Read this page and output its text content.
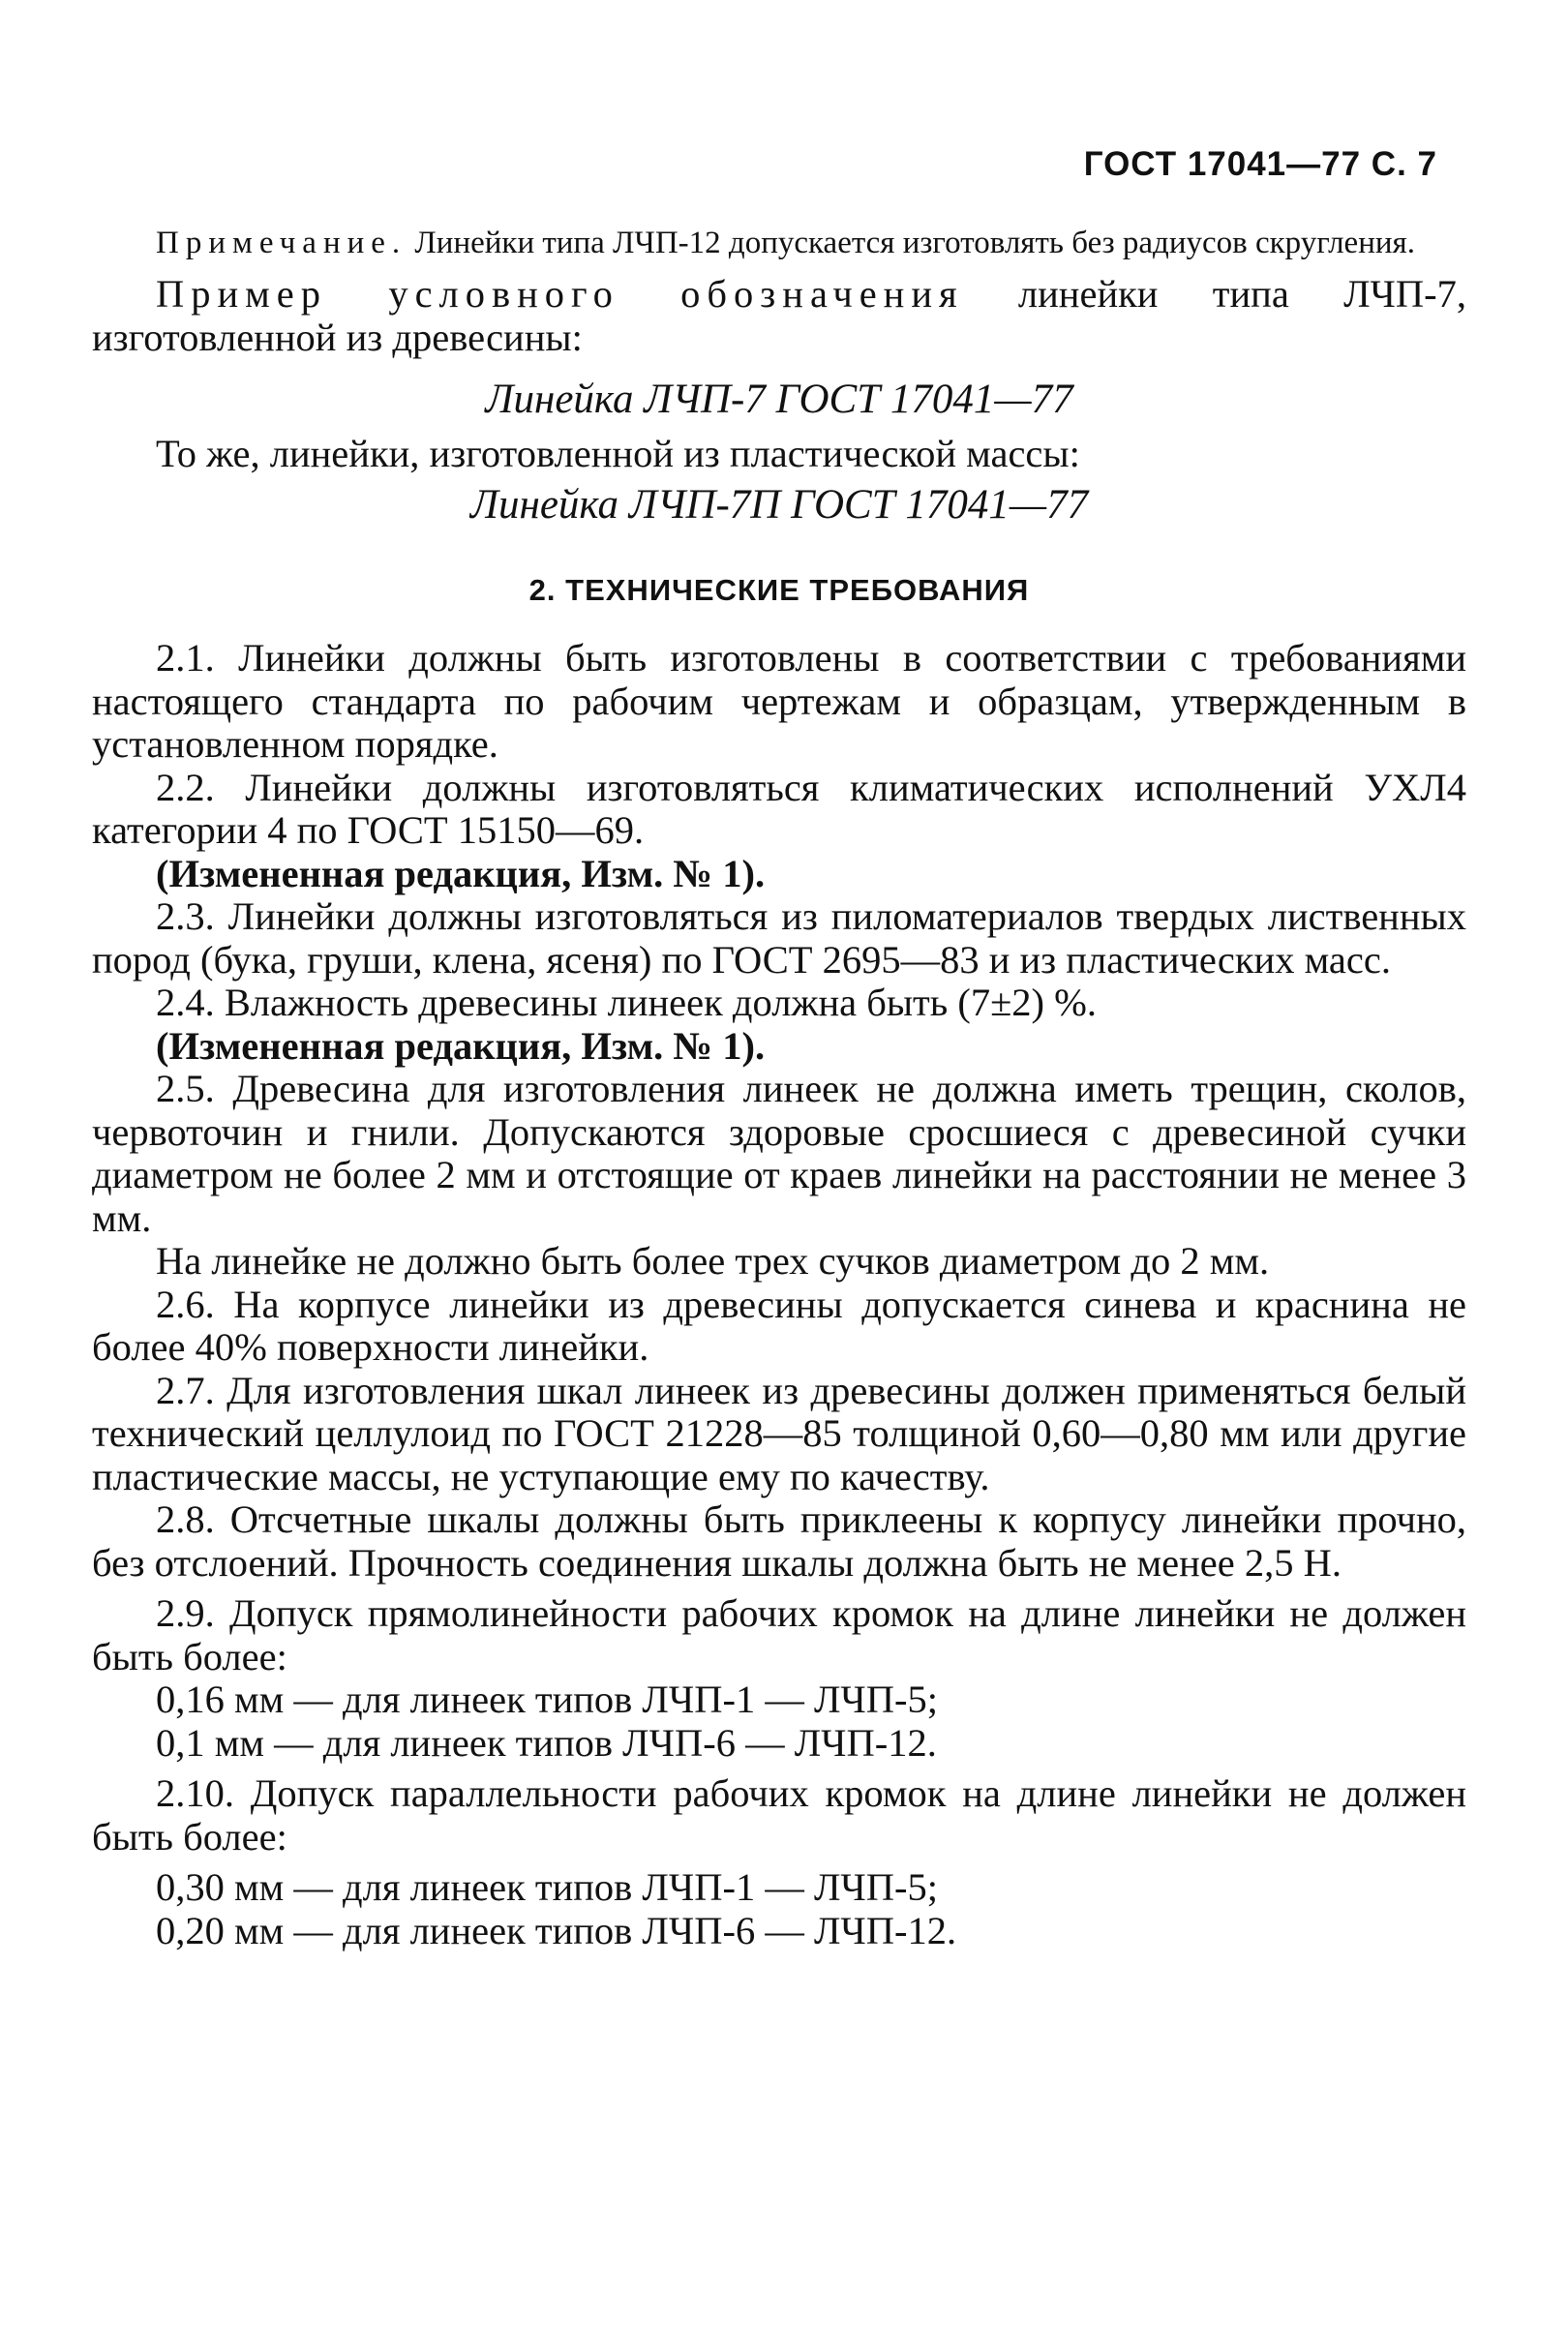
ГОСТ 17041—77 С. 7

Примечание. Линейки типа ЛЧП-12 допускается изготовлять без радиусов скругления.

Пример условного обозначения линейки типа ЛЧП-7, изготовленной из древесины:

Линейка ЛЧП-7 ГОСТ 17041—77

То же, линейки, изготовленной из пластической массы:

Линейка ЛЧП-7П ГОСТ 17041—77

2. ТЕХНИЧЕСКИЕ ТРЕБОВАНИЯ

2.1. Линейки должны быть изготовлены в соответствии с требованиями настоящего стандарта по рабочим чертежам и образцам, утвержденным в установленном порядке.

2.2. Линейки должны изготовляться климатических исполнений УХЛ4 категории 4 по ГОСТ 15150—69.

(Измененная редакция, Изм. № 1).

2.3. Линейки должны изготовляться из пиломатериалов твердых лиственных пород (бука, груши, клена, ясеня) по ГОСТ 2695—83 и из пластических масс.

2.4. Влажность древесины линеек должна быть (7±2) %.

(Измененная редакция, Изм. № 1).

2.5. Древесина для изготовления линеек не должна иметь трещин, сколов, червоточин и гнили. Допускаются здоровые сросшиеся с древесиной сучки диаметром не более 2 мм и отстоящие от краев линейки на расстоянии не менее 3 мм.

На линейке не должно быть более трех сучков диаметром до 2 мм.

2.6. На корпусе линейки из древесины допускается синева и краснина не более 40% поверхности линейки.

2.7. Для изготовления шкал линеек из древесины должен применяться белый технический целлулоид по ГОСТ 21228—85 толщиной 0,60—0,80 мм или другие пластические массы, не уступающие ему по качеству.

2.8. Отсчетные шкалы должны быть приклеены к корпусу линейки прочно, без отслоений. Прочность соединения шкалы должна быть не менее 2,5 Н.

2.9. Допуск прямолинейности рабочих кромок на длине линейки не должен быть более:

0,16 мм — для линеек типов ЛЧП-1 — ЛЧП-5;

0,1 мм — для линеек типов ЛЧП-6 — ЛЧП-12.

2.10. Допуск параллельности рабочих кромок на длине линейки не должен быть более:

0,30 мм — для линеек типов ЛЧП-1 — ЛЧП-5;

0,20 мм — для линеек типов ЛЧП-6 — ЛЧП-12.
